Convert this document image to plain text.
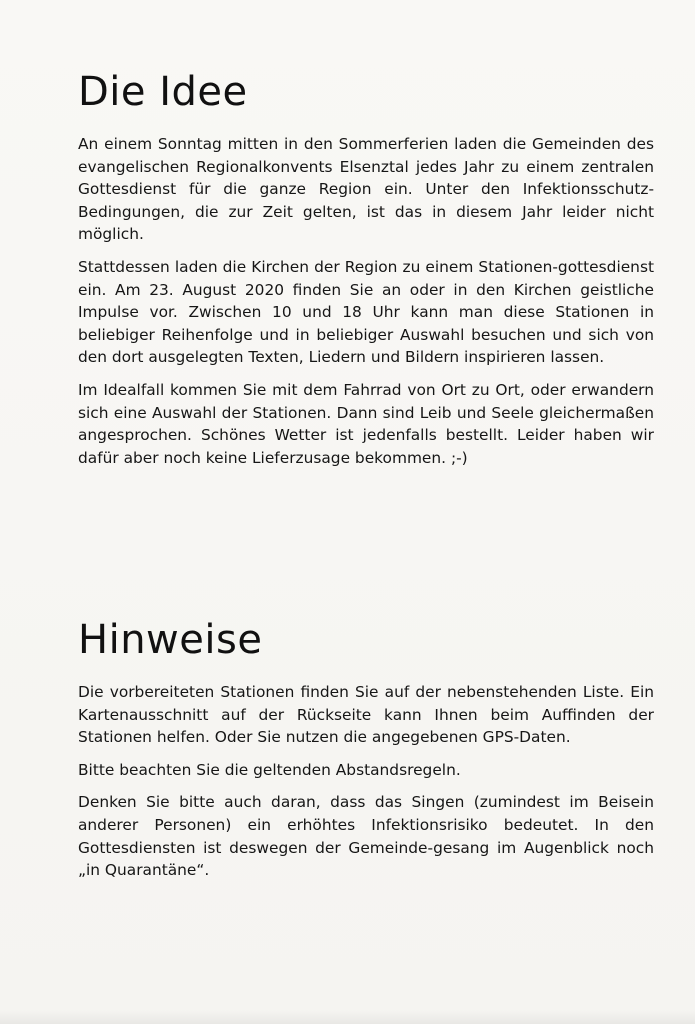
Die Idee

An einem Sonntag mitten in den Sommerferien laden die Gemeinden des evangelischen Regionalkonvents Elsenztal jedes Jahr zu einem zentralen Gottesdienst für die ganze Region ein. Unter den Infektionsschutz-Bedingungen, die zur Zeit gelten, ist das in diesem Jahr leider nicht möglich.

Stattdessen laden die Kirchen der Region zu einem Stationen-gottesdienst ein. Am 23. August 2020 finden Sie an oder in den Kirchen geistliche Impulse vor. Zwischen 10 und 18 Uhr kann man diese Stationen in beliebiger Reihenfolge und in beliebiger Auswahl besuchen und sich von den dort ausgelegten Texten, Liedern und Bildern inspirieren lassen.

Im Idealfall kommen Sie mit dem Fahrrad von Ort zu Ort, oder erwandern sich eine Auswahl der Stationen. Dann sind Leib und Seele gleichermaßen angesprochen. Schönes Wetter ist jedenfalls bestellt. Leider haben wir dafür aber noch keine Lieferzusage bekommen. ;-)

Hinweise

Die vorbereiteten Stationen finden Sie auf der nebenstehenden Liste. Ein Kartenausschnitt auf der Rückseite kann Ihnen beim Auffinden der Stationen helfen. Oder Sie nutzen die angegebenen GPS-Daten.

Bitte beachten Sie die geltenden Abstandsregeln.

Denken Sie bitte auch daran, dass das Singen (zumindest im Beisein anderer Personen) ein erhöhtes Infektionsrisiko bedeutet. In den Gottesdiensten ist deswegen der Gemeinde-gesang im Augenblick noch „in Quarantäne“.
